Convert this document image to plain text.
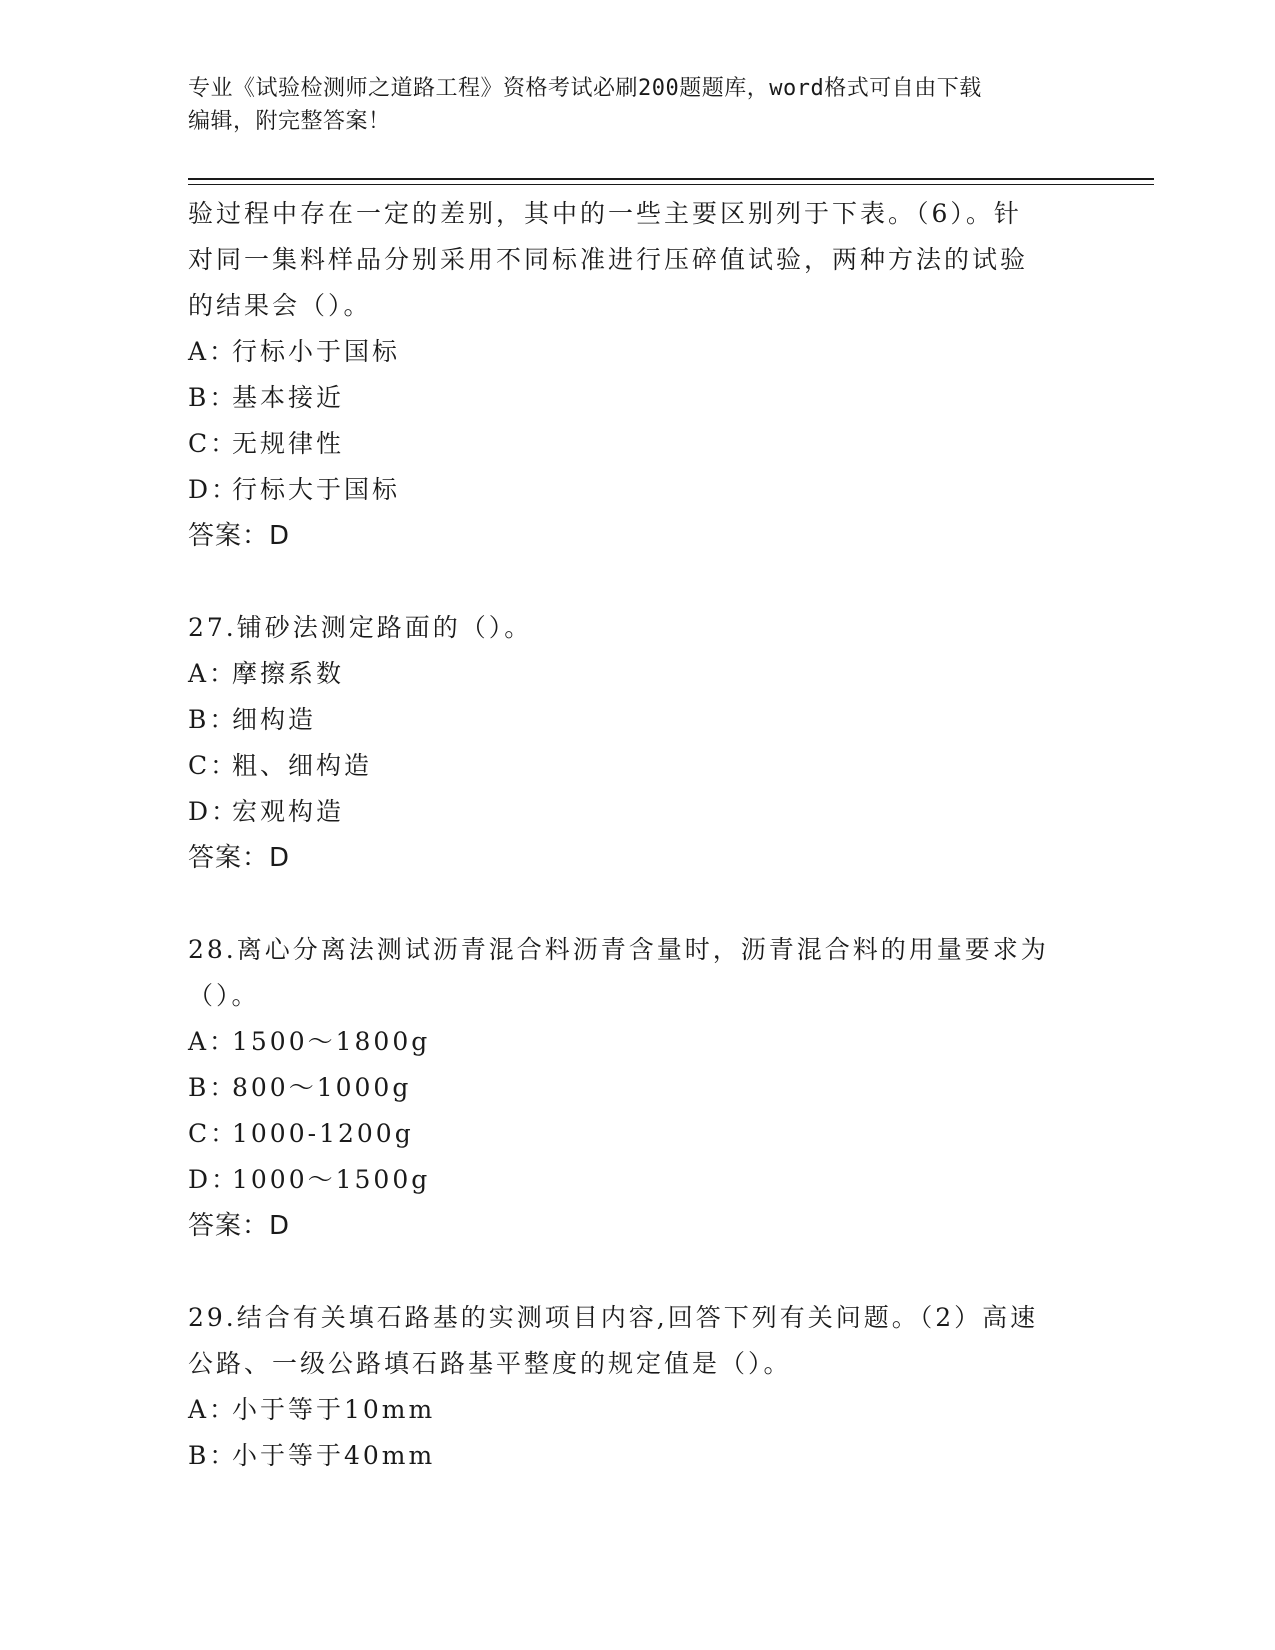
专业《试验检测师之道路工程》资格考试必刷200题题库，word格式可自由下载
编辑，附完整答案！
验过程中存在一定的差别，其中的一些主要区别列于下表。（6）。针
对同一集料样品分别采用不同标准进行压碎值试验，两种方法的试验
的结果会（）。
A：行标小于国标
B：基本接近
C：无规律性
D：行标大于国标
答案：D
27.铺砂法测定路面的（）。
A：摩擦系数
B：细构造
C：粗、细构造
D：宏观构造
答案：D
28.离心分离法测试沥青混合料沥青含量时，沥青混合料的用量要求为
（）。
A：1500～1800g
B：800～1000g
C：1000-1200g
D：1000～1500g
答案：D
29.结合有关填石路基的实测项目内容,回答下列有关问题。（2）高速
公路、一级公路填石路基平整度的规定值是（）。
A：小于等于10mm
B：小于等于40mm
